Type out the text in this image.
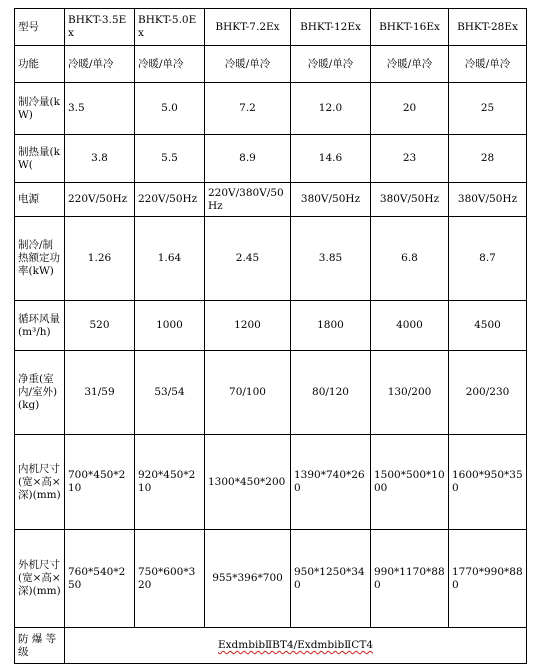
型号	BHKT-3.5Ex	BHKT-5.0Ex	BHKT-7.2Ex	BHKT-12Ex	BHKT-16Ex	BHKT-28Ex
功能	冷暖/单冷	冷暖/单冷	冷暖/单冷	冷暖/单冷	冷暖/单冷	冷暖/单冷
制冷量(kW)	3.5	5.0	7.2	12.0	20	25
制热量(kW(	3.8	5.5	8.9	14.6	23	28
电源	220V/50Hz	220V/50Hz	220V/380V/50Hz	380V/50Hz	380V/50Hz	380V/50Hz
制冷/制热额定功率(kW)	1.26	1.64	2.45	3.85	6.8	8.7
循环风量(m³/h)	520	1000	1200	1800	4000	4500
净重(室内/室外)(kg)	31/59	53/54	70/100	80/120	130/200	200/230
内机尺寸(宽×高×深)(mm)	700*450*210	920*450*210	1300*450*200	1390*740*260	1500*500*1000	1600*950*350
外机尺寸(宽×高×深)(mm)	760*540*250	750*600*320	955*396*700	950*1250*340	990*1170*880	1770*990*880
防 爆 等级	ExdmbibⅡBT4/ExdmbibⅡCT4					
